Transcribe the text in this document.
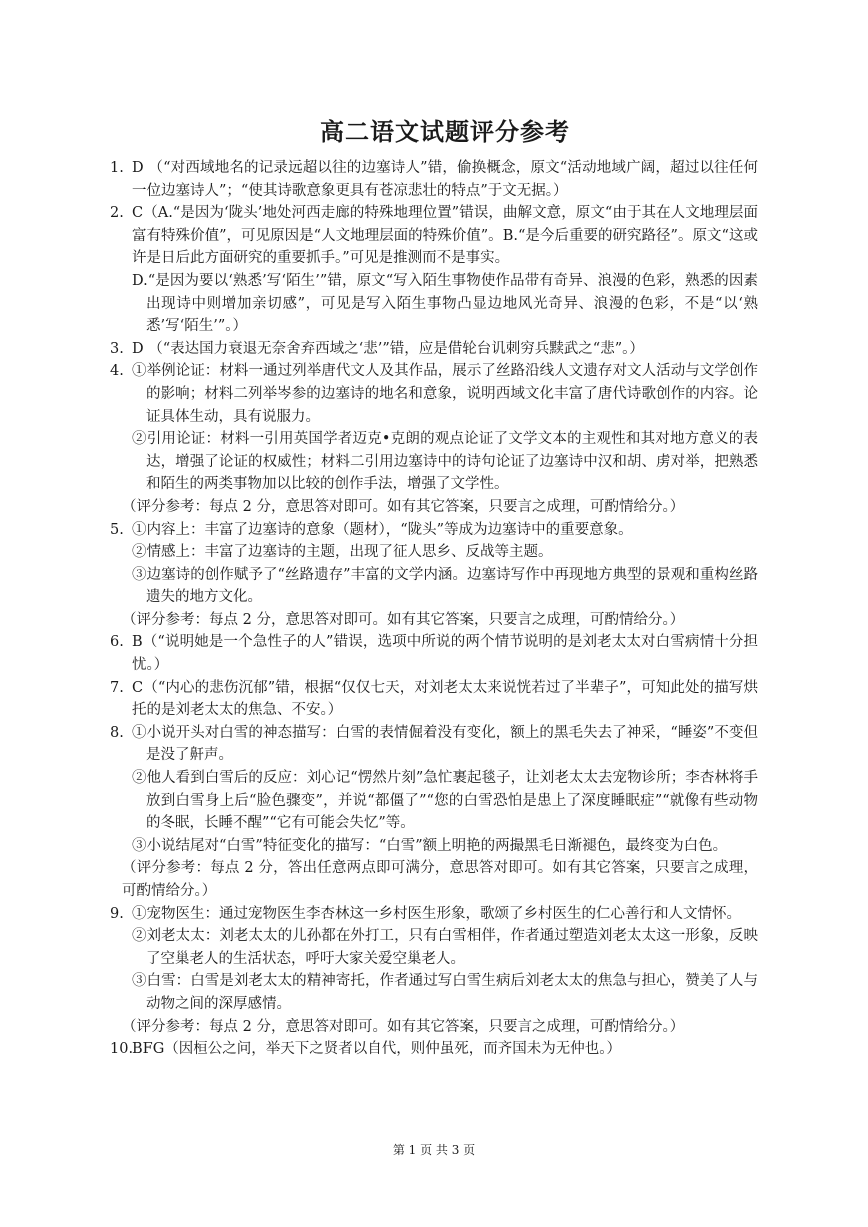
高二语文试题评分参考
1. D （“对西域地名的记录远超以往的边塞诗人”错，偷换概念，原文“活动地域广阔，超过以往任何一位边塞诗人”；“使其诗歌意象更具有苍凉悲壮的特点”于文无据。）
2. C（A.“是因为‘陇头’地处河西走廊的特殊地理位置”错误，曲解文意，原文“由于其在人文地理层面富有特殊价值”，可见原因是“人文地理层面的特殊价值”。B.“是今后重要的研究路径”。原文“这或许是日后此方面研究的重要抓手。”可见是推测而不是事实。
D.“是因为要以‘熟悉’写‘陌生’”错，原文“写入陌生事物使作品带有奇异、浪漫的色彩，熟悉的因素出现诗中则增加亲切感”，可见是写入陌生事物凸显边地风光奇异、浪漫的色彩，不是“以‘熟悉’写‘陌生’”。）
3. D （“表达国力衰退无奈舍弃西域之‘悲’”错，应是借轮台讥刺穷兵黩武之“悲”。）
4. ①举例论证：材料一通过列举唐代文人及其作品，展示了丝路沿线人文遗存对文人活动与文学创作的影响；材料二列举岑参的边塞诗的地名和意象，说明西域文化丰富了唐代诗歌创作的内容。论证具体生动，具有说服力。
②引用论证：材料一引用英国学者迈克•克朗的观点论证了文学文本的主观性和其对地方意义的表达，增强了论证的权威性；材料二引用边塞诗中的诗句论证了边塞诗中汉和胡、虏对举，把熟悉和陌生的两类事物加以比较的创作手法，增强了文学性。
（评分参考：每点 2 分，意思答对即可。如有其它答案，只要言之成理，可酌情给分。）
5. ①内容上：丰富了边塞诗的意象（题材），“陇头”等成为边塞诗中的重要意象。
②情感上：丰富了边塞诗的主题，出现了征人思乡、反战等主题。
③边塞诗的创作赋予了“丝路遗存”丰富的文学内涵。边塞诗写作中再现地方典型的景观和重构丝路遗失的地方文化。
（评分参考：每点 2 分，意思答对即可。如有其它答案，只要言之成理，可酌情给分。）
6. B（“说明她是一个急性子的人”错误，选项中所说的两个情节说明的是刘老太太对白雪病情十分担忧。）
7. C（“内心的悲伤沉郁”错，根据“仅仅七天，对刘老太太来说恍若过了半辈子”，可知此处的描写烘托的是刘老太太的焦急、不安。）
8. ①小说开头对白雪的神态描写：白雪的表情倔着没有变化，额上的黑毛失去了神采，“睡姿”不变但是没了鼾声。
②他人看到白雪后的反应：刘心记“愣然片刻”急忙裹起毯子，让刘老太太去宠物诊所；李杏林将手放到白雪身上后“脸色骤变”，并说“都僵了”“您的白雪恐怕是患上了深度睡眠症”“就像有些动物的冬眠，长睡不醒”“它有可能会失忆”等。
③小说结尾对“白雪”特征变化的描写：“白雪”额上明艳的两撮黑毛日渐褪色，最终变为白色。
（评分参考：每点 2 分，答出任意两点即可满分，意思答对即可。如有其它答案，只要言之成理，可酌情给分。）
9. ①宠物医生：通过宠物医生李杏林这一乡村医生形象，歌颂了乡村医生的仁心善行和人文情怀。
②刘老太太：刘老太太的儿孙都在外打工，只有白雪相伴，作者通过塑造刘老太太这一形象，反映了空巢老人的生活状态，呼吁大家关爱空巢老人。
③白雪：白雪是刘老太太的精神寄托，作者通过写白雪生病后刘老太太的焦急与担心，赞美了人与动物之间的深厚感情。
（评分参考：每点 2 分，意思答对即可。如有其它答案，只要言之成理，可酌情给分。）
10.
BFG（因桓公之问，举天下之贤者以自代，则仲虽死，而齐国未为无仲也。）
第 1 页 共 3 页
